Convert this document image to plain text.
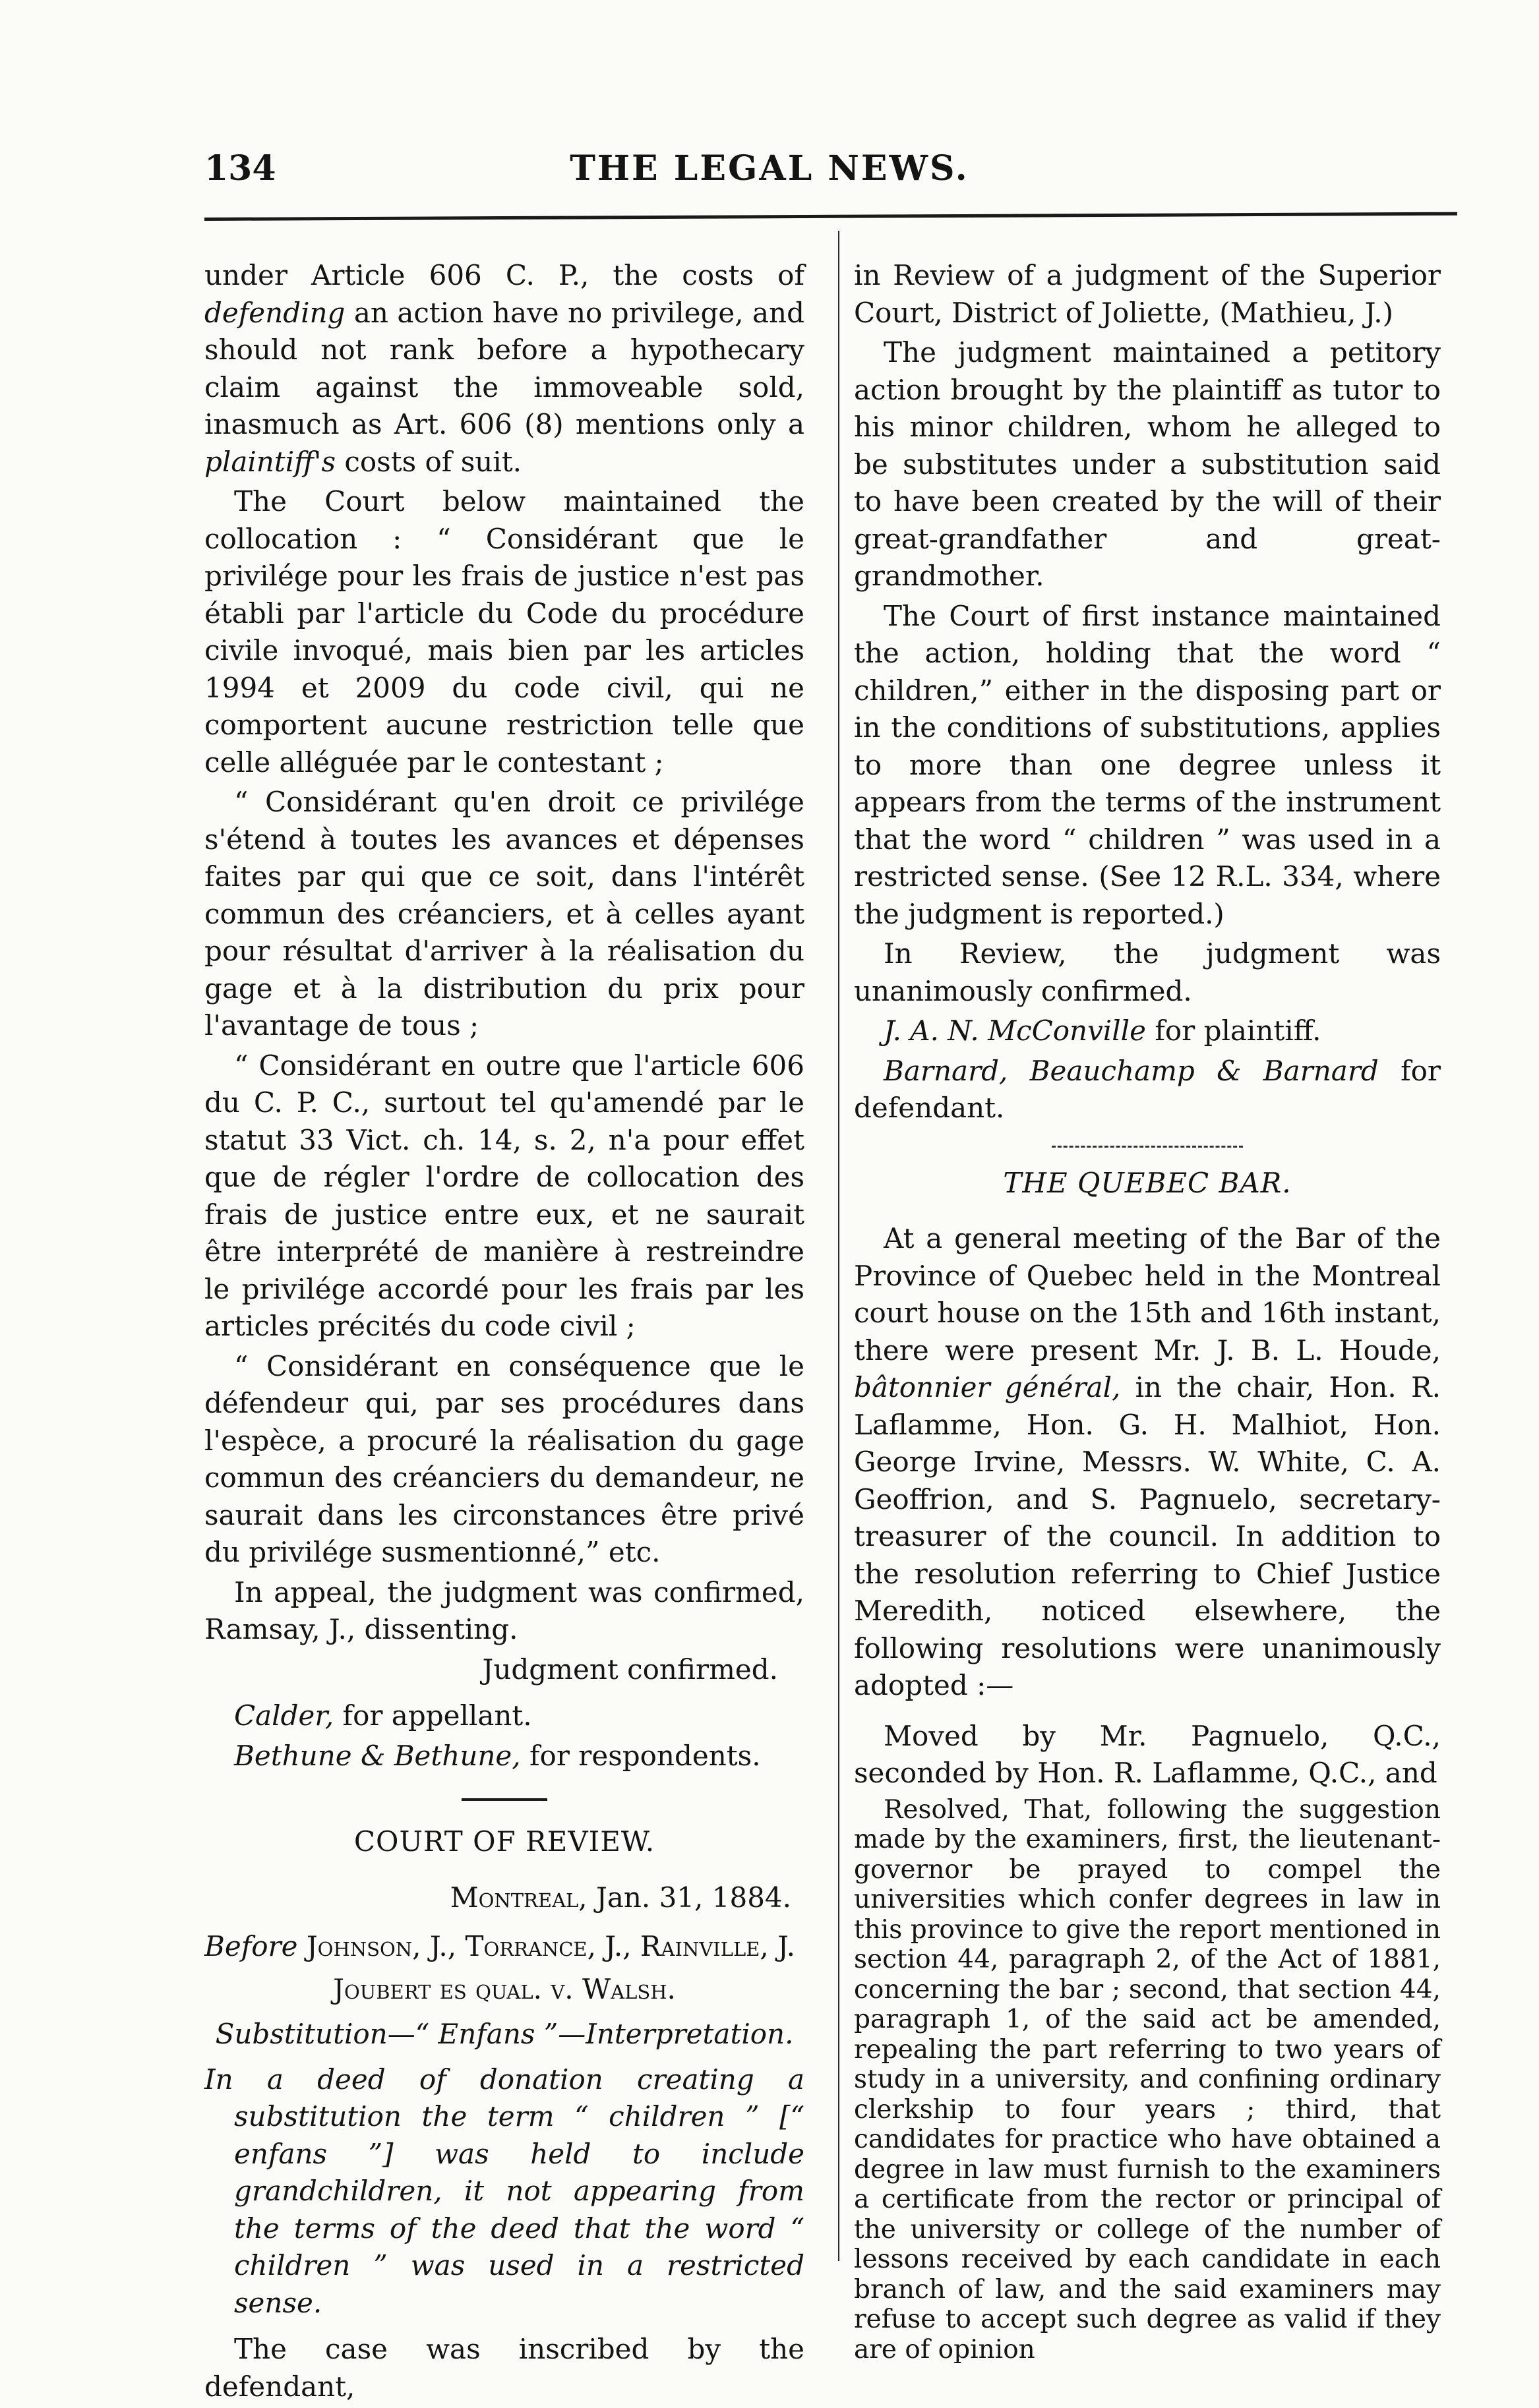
134	THE LEGAL NEWS.

under Article 606 C. P., the costs of defending an action have no privilege, and should not rank before a hypothecary claim against the immoveable sold, inasmuch as Art. 606 (8) mentions only a plaintiff's costs of suit.

The Court below maintained the collocation : “ Considérant que le privilége pour les frais de justice n'est pas établi par l'article du Code du procédure civile invoqué, mais bien par les articles 1994 et 2009 du code civil, qui ne comportent aucune restriction telle que celle alléguée par le contestant ;

“ Considérant qu'en droit ce privilége s'étend à toutes les avances et dépenses faites par qui que ce soit, dans l'intérêt commun des créanciers, et à celles ayant pour résultat d'arriver à la réalisation du gage et à la distribution du prix pour l'avantage de tous ;

“ Considérant en outre que l'article 606 du C. P. C., surtout tel qu'amendé par le statut 33 Vict. ch. 14, s. 2, n'a pour effet que de régler l'ordre de collocation des frais de justice entre eux, et ne saurait être interprété de manière à restreindre le privilége accordé pour les frais par les articles précités du code civil ;

“ Considérant en conséquence que le défendeur qui, par ses procédures dans l'espèce, a procuré la réalisation du gage commun des créanciers du demandeur, ne saurait dans les circonstances être privé du privilége susmentionné,” etc.

In appeal, the judgment was confirmed, Ramsay, J., dissenting.

Judgment confirmed.

Calder, for appellant.

Bethune & Bethune, for respondents.

COURT OF REVIEW.

Montreal, Jan. 31, 1884.

Before Johnson, J., Torrance, J., Rainville, J.

Joubert es qual. v. Walsh.

Substitution—“ Enfans ”—Interpretation.

In a deed of donation creating a substitution the term “ children ” [“ enfans ”] was held to include grandchildren, it not appearing from the terms of the deed that the word “ children ” was used in a restricted sense.

The case was inscribed by the defendant,

in Review of a judgment of the Superior Court, District of Joliette, (Mathieu, J.)

The judgment maintained a petitory action brought by the plaintiff as tutor to his minor children, whom he alleged to be substitutes under a substitution said to have been created by the will of their great-grandfather and great-grandmother.

The Court of first instance maintained the action, holding that the word “ children,” either in the disposing part or in the conditions of substitutions, applies to more than one degree unless it appears from the terms of the instrument that the word “ children ” was used in a restricted sense. (See 12 R.L. 334, where the judgment is reported.)

In Review, the judgment was unanimously confirmed.

J. A. N. McConville for plaintiff.

Barnard, Beauchamp & Barnard for defendant.

THE QUEBEC BAR.

At a general meeting of the Bar of the Province of Quebec held in the Montreal court house on the 15th and 16th instant, there were present Mr. J. B. L. Houde, bâtonnier général, in the chair, Hon. R. Laflamme, Hon. G. H. Malhiot, Hon. George Irvine, Messrs. W. White, C. A. Geoffrion, and S. Pagnuelo, secretary-treasurer of the council. In addition to the resolution referring to Chief Justice Meredith, noticed elsewhere, the following resolutions were unanimously adopted :—

Moved by Mr. Pagnuelo, Q.C., seconded by Hon. R. Laflamme, Q.C., and

Resolved, That, following the suggestion made by the examiners, first, the lieutenant-governor be prayed to compel the universities which confer degrees in law in this province to give the report mentioned in section 44, paragraph 2, of the Act of 1881, concerning the bar ; second, that section 44, paragraph 1, of the said act be amended, repealing the part referring to two years of study in a university, and confining ordinary clerkship to four years ; third, that candidates for practice who have obtained a degree in law must furnish to the examiners a certificate from the rector or principal of the university or college of the number of lessons received by each candidate in each branch of law, and the said examiners may refuse to accept such degree as valid if they are of opinion
